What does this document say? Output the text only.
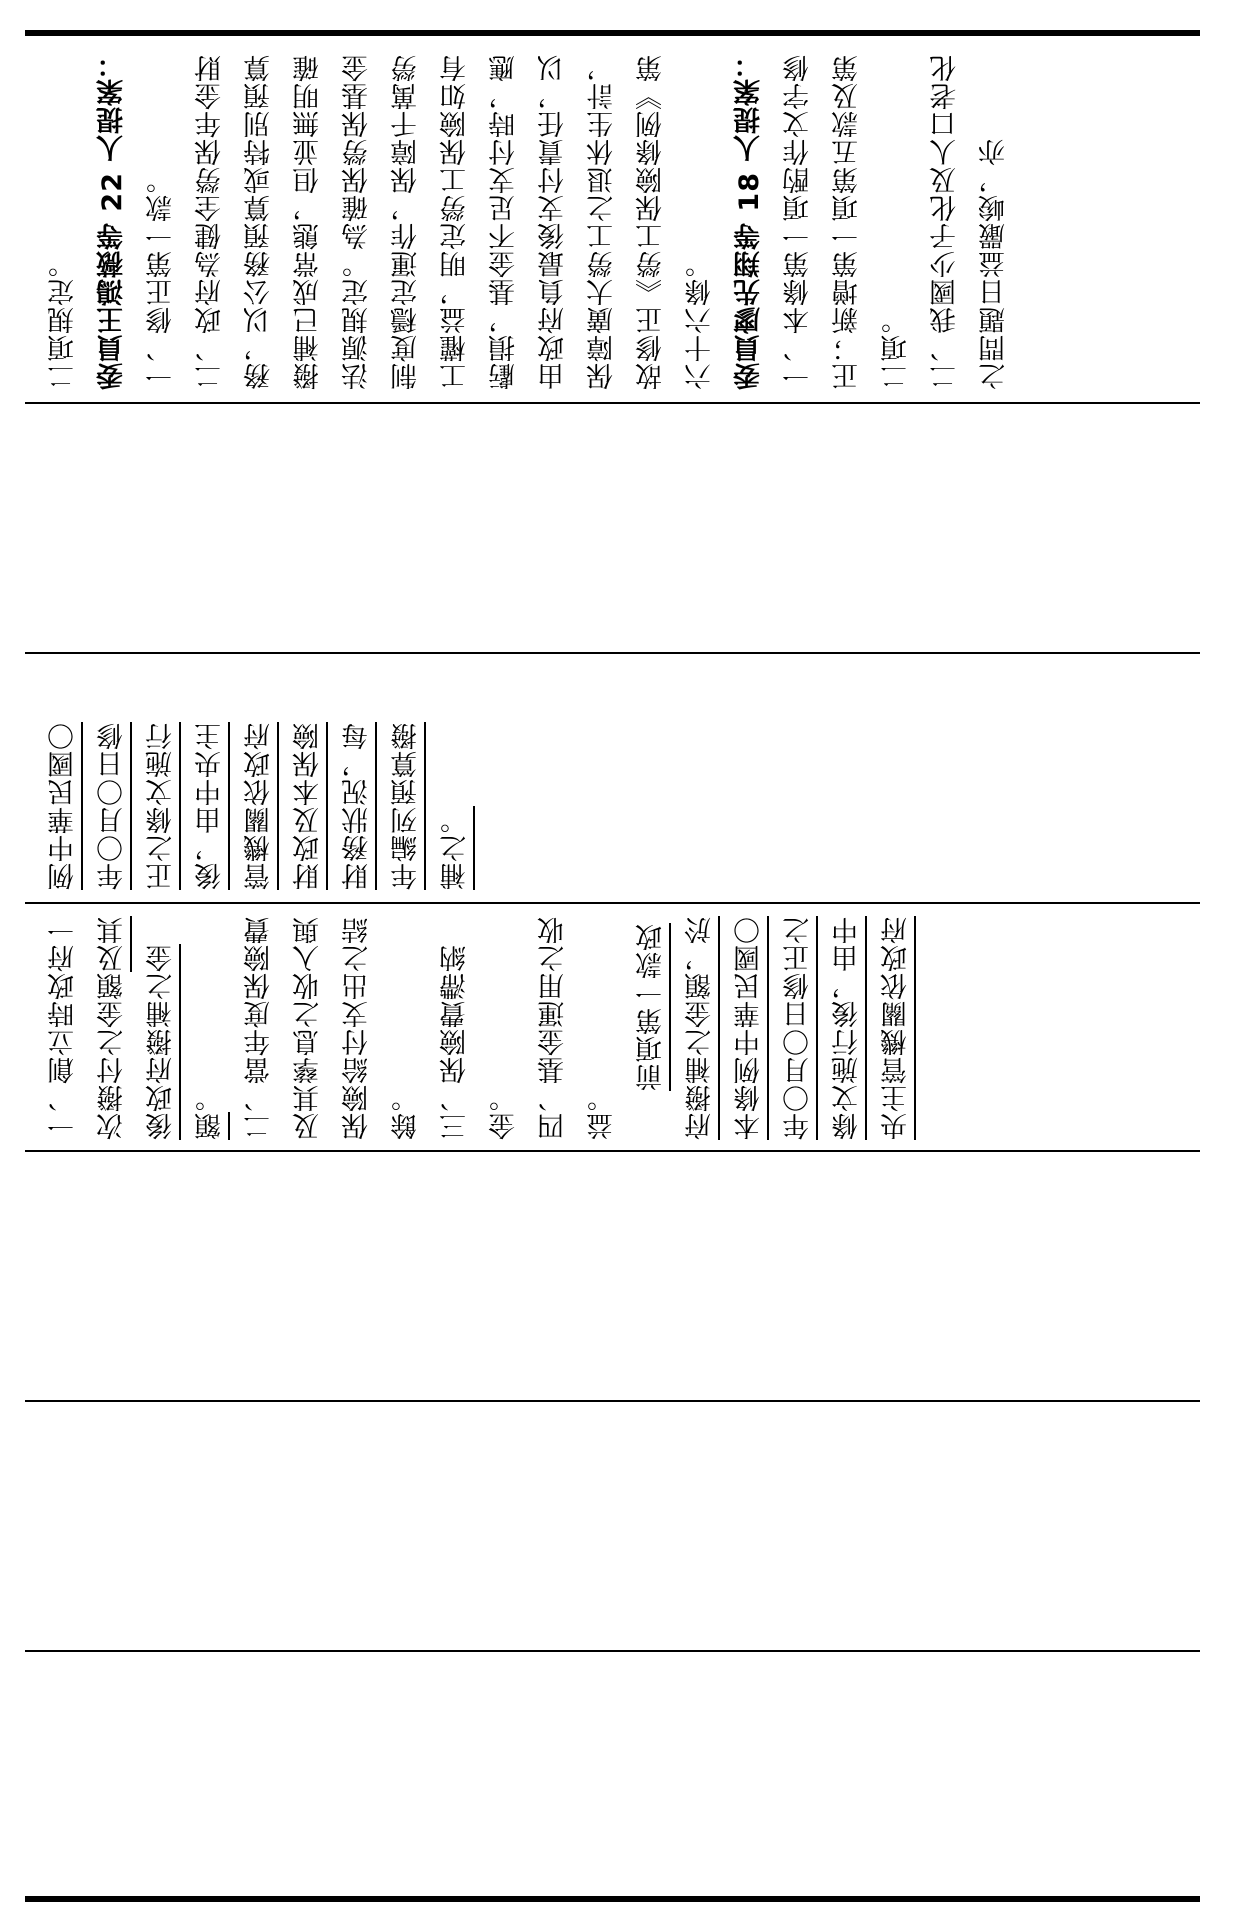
二項規定。 委員王鴻薇等 22 人提案：
一、修正第一款。 二、政府為健全勞保年金財務，以公務預算或特別預算撥補已成常態，但並無明確法源規定。為確保勞保基金制度穩定運作，保障千萬勞工權益，明定勞工保險如有虧損，基金不足支付時，應由政府負最後支付責任，以保障廣大勞工之退休生計，故修正《勞工保險條例》第六十六條。 委員廖先翔等 18 人提案： 一、本條第一項酌作文字修正；新增第一項第五款及第二項。 二、我國少子化及人口老化之問題日益嚴峻，亦
例中華民國〇 年〇月〇日修 正之條文施行 後，由中央主 管機關依政府 財政及本保險 財務狀況，每 年編列預算撥 補之。
一、創立時政府一次撥付之金額及其後政府撥補之金額。 二、當年度保險費及其孳息之收入與保險給付支出之結餘。 三、保險費滯納金。 四、基金運用之收益。
前項第一款政府撥補之金額，於本條例中華民國〇年〇月〇日修正之條文施行後，由中央主管機關依政府
